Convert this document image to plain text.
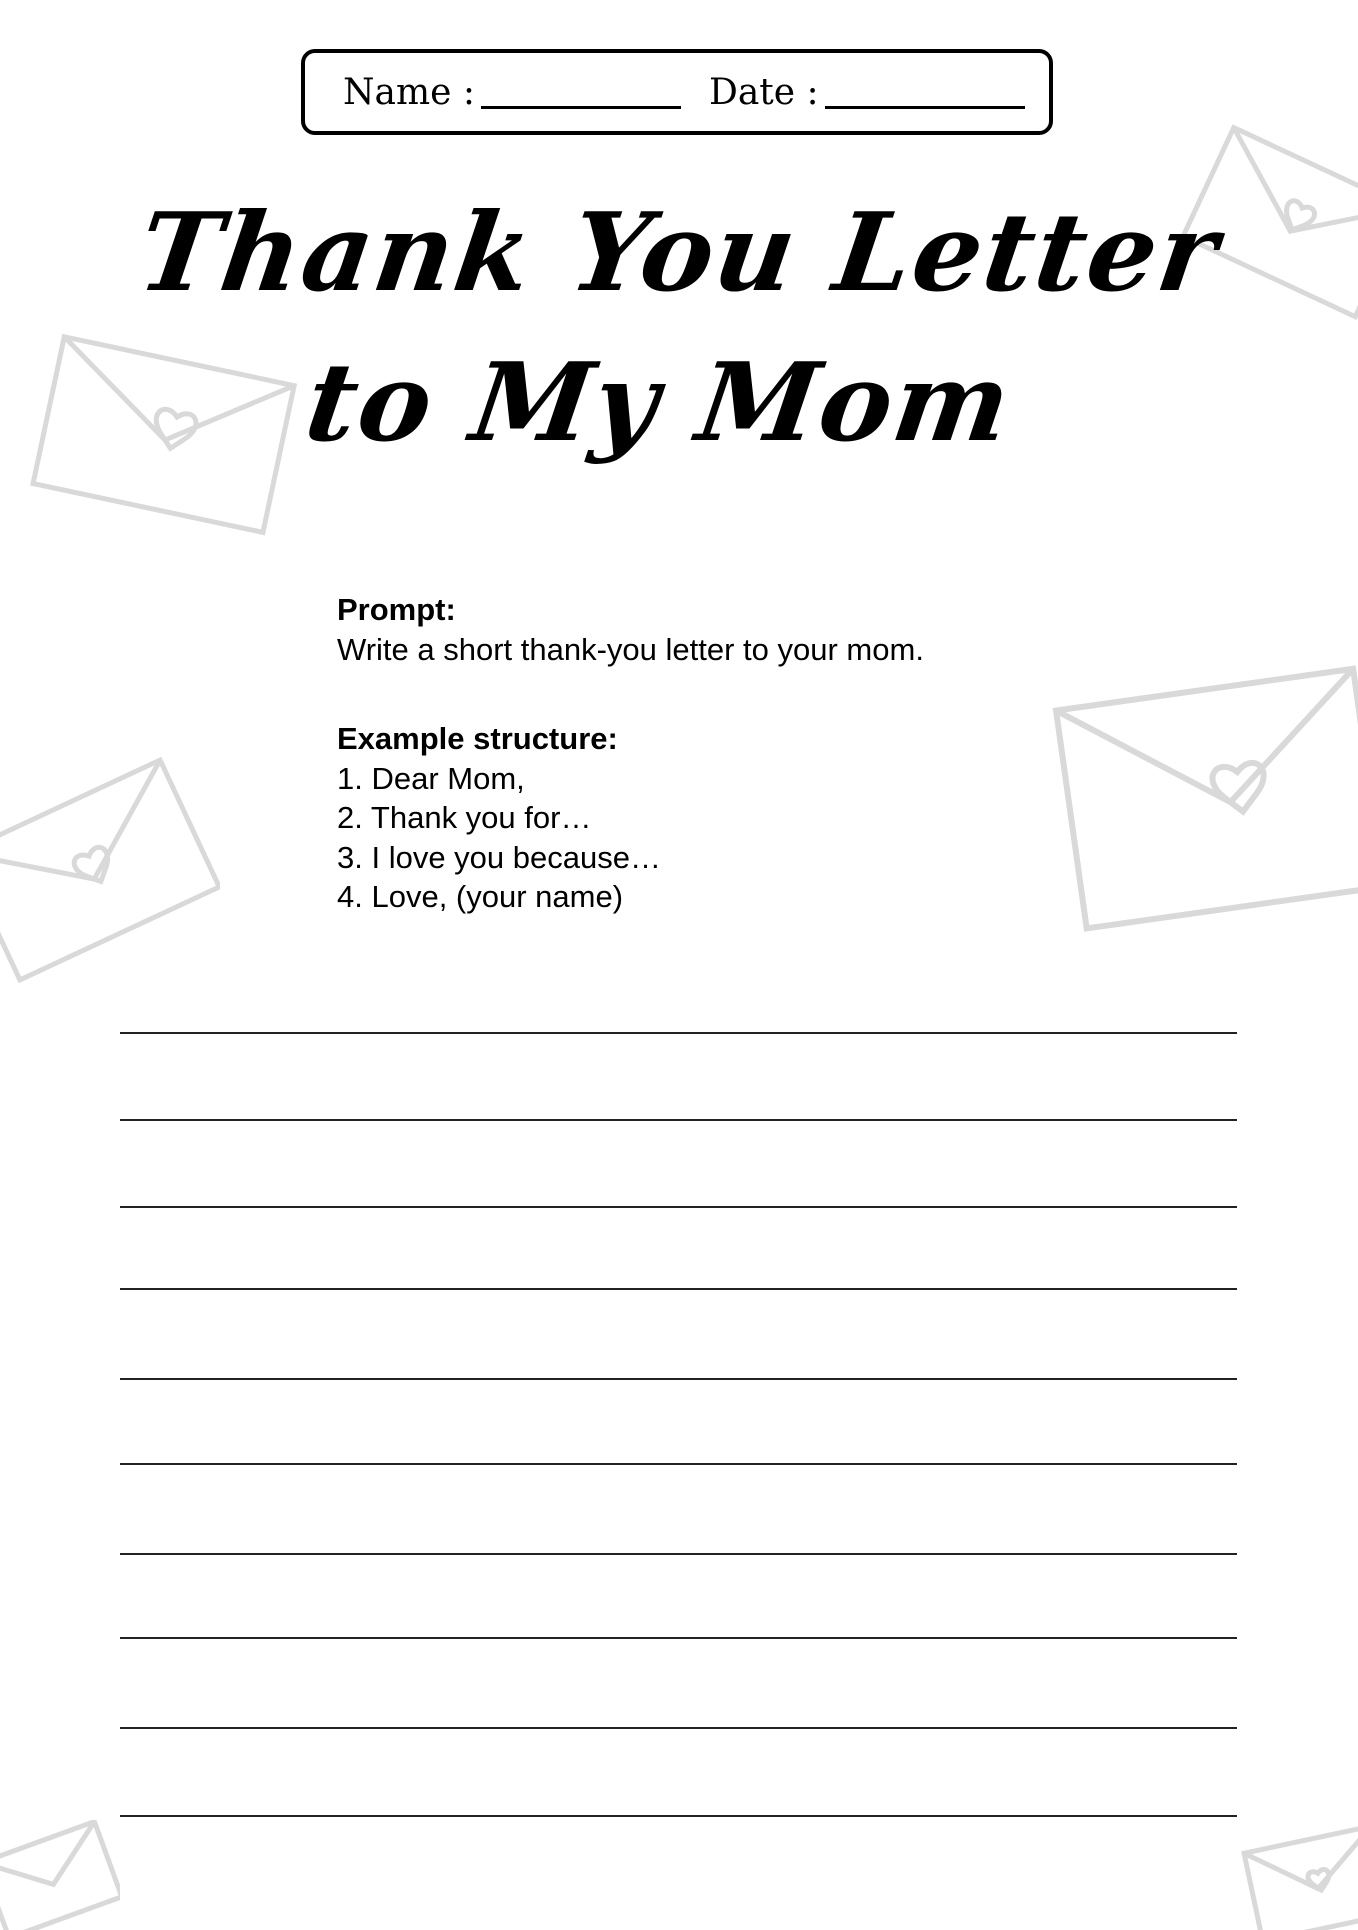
Name :	Date :
Thank You Letter
to My Mom
Prompt:
Write a short thank-you letter to your mom.
Example structure:
1. Dear Mom,
2. Thank you for…
3. I love you because…
4. Love, (your name)
